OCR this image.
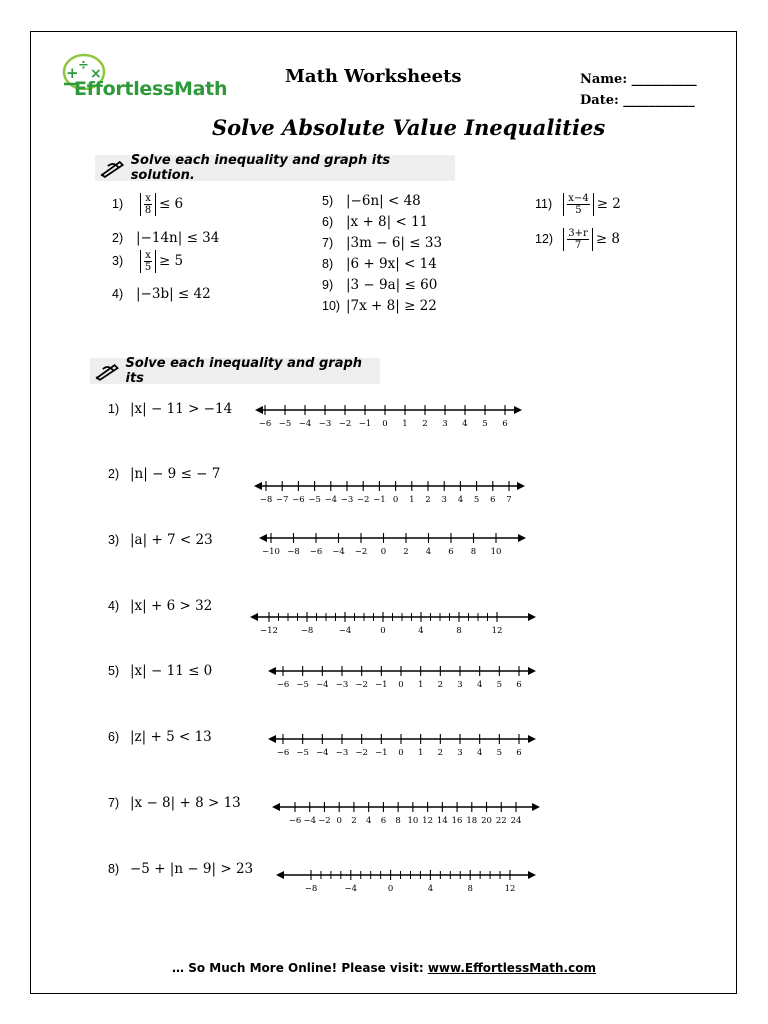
+ ÷
×
EffortlessMath
Math Worksheets	Name: __________
Date: ___________
Solve Absolute Value Inequalities
Solve each inequality and graph its solution.
$1) \frac{x}{8} \le 6$
2) |−14n| ≤ 34
$3) \frac{x}{5} \ge 5$
4) |−3b| ≤ 42
5) |−6n| < 48
6) |x + 8| < 11
7) |3m − 6| ≤ 33
8) |6 + 9x| < 14
9) |3 − 9a| ≤ 60
10) |7x + 8| ≥ 22
$11) \frac{x-4}{5} \ge 2$
$12) \frac{3+r}{7} \ge 8$
Solve each inequality and graph its
1) |x| − 11 > −14
2) |n| − 9 ≤ − 7
3) |a| + 7 < 23
4) |x| + 6 > 32
5) |x| − 11 ≤ 0
6) |z| + 5 < 13
7) |x − 8| + 8 > 13
8) −5 + |n − 9| > 23
−6 −5 −4 −3 −2 −1 0 1 2 3 4 5 6
−8 −7 −6 −5 −4 −3 −2 −1 0 1 2 3 4 5 6 7
−10 −8 −6 −4 −2 0 2 4 6 8 10
−12	−8	−4	0	4	8	12
−6 −5 −4 −3 −2 −1 0 1 2 3 4 5 6
−6 −5 −4 −3 −2 −1 0 1 2 3 4 5 6
−6 −4 −2 0 2 4 6 8 10 12 14 16 18 20 22 24
−8	−4	0	4	8	12
… So Much More Online! Please visit: www.EffortlessMath.com
